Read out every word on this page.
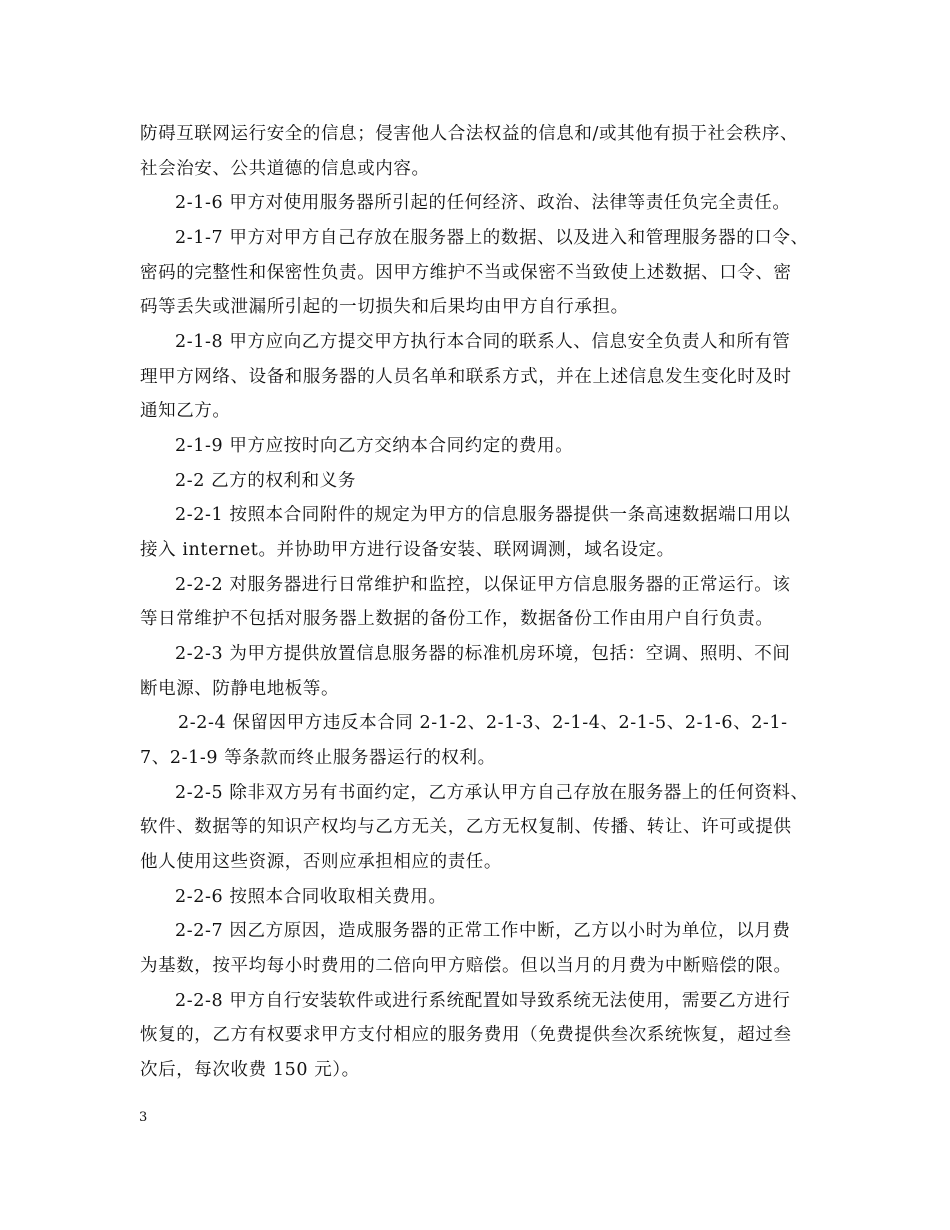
防碍互联网运行安全的信息；侵害他人合法权益的信息和/或其他有损于社会秩序、
社会治安、公共道德的信息或内容。
2-1-6 甲方对使用服务器所引起的任何经济、政治、法律等责任负完全责任。
2-1-7 甲方对甲方自己存放在服务器上的数据、以及进入和管理服务器的口令、
密码的完整性和保密性负责。因甲方维护不当或保密不当致使上述数据、口令、密
码等丢失或泄漏所引起的一切损失和后果均由甲方自行承担。
2-1-8 甲方应向乙方提交甲方执行本合同的联系人、信息安全负责人和所有管
理甲方网络、设备和服务器的人员名单和联系方式，并在上述信息发生变化时及时
通知乙方。
2-1-9 甲方应按时向乙方交纳本合同约定的费用。
2-2 乙方的权利和义务
2-2-1 按照本合同附件的规定为甲方的信息服务器提供一条高速数据端口用以
接入 internet。并协助甲方进行设备安装、联网调测，域名设定。
2-2-2 对服务器进行日常维护和监控，以保证甲方信息服务器的正常运行。该
等日常维护不包括对服务器上数据的备份工作，数据备份工作由用户自行负责。
2-2-3 为甲方提供放置信息服务器的标准机房环境，包括：空调、照明、不间
断电源、防静电地板等。
2-2-4 保留因甲方违反本合同 2-1-2、2-1-3、2-1-4、2-1-5、2-1-6、2-1-
7、2-1-9 等条款而终止服务器运行的权利。
2-2-5 除非双方另有书面约定，乙方承认甲方自己存放在服务器上的任何资料、
软件、数据等的知识产权均与乙方无关，乙方无权复制、传播、转让、许可或提供
他人使用这些资源，否则应承担相应的责任。
2-2-6 按照本合同收取相关费用。
2-2-7 因乙方原因，造成服务器的正常工作中断，乙方以小时为单位，以月费
为基数，按平均每小时费用的二倍向甲方赔偿。但以当月的月费为中断赔偿的限。
2-2-8 甲方自行安装软件或进行系统配置如导致系统无法使用，需要乙方进行
恢复的，乙方有权要求甲方支付相应的服务费用（免费提供叁次系统恢复，超过叁
次后，每次收费 150 元）。
3
